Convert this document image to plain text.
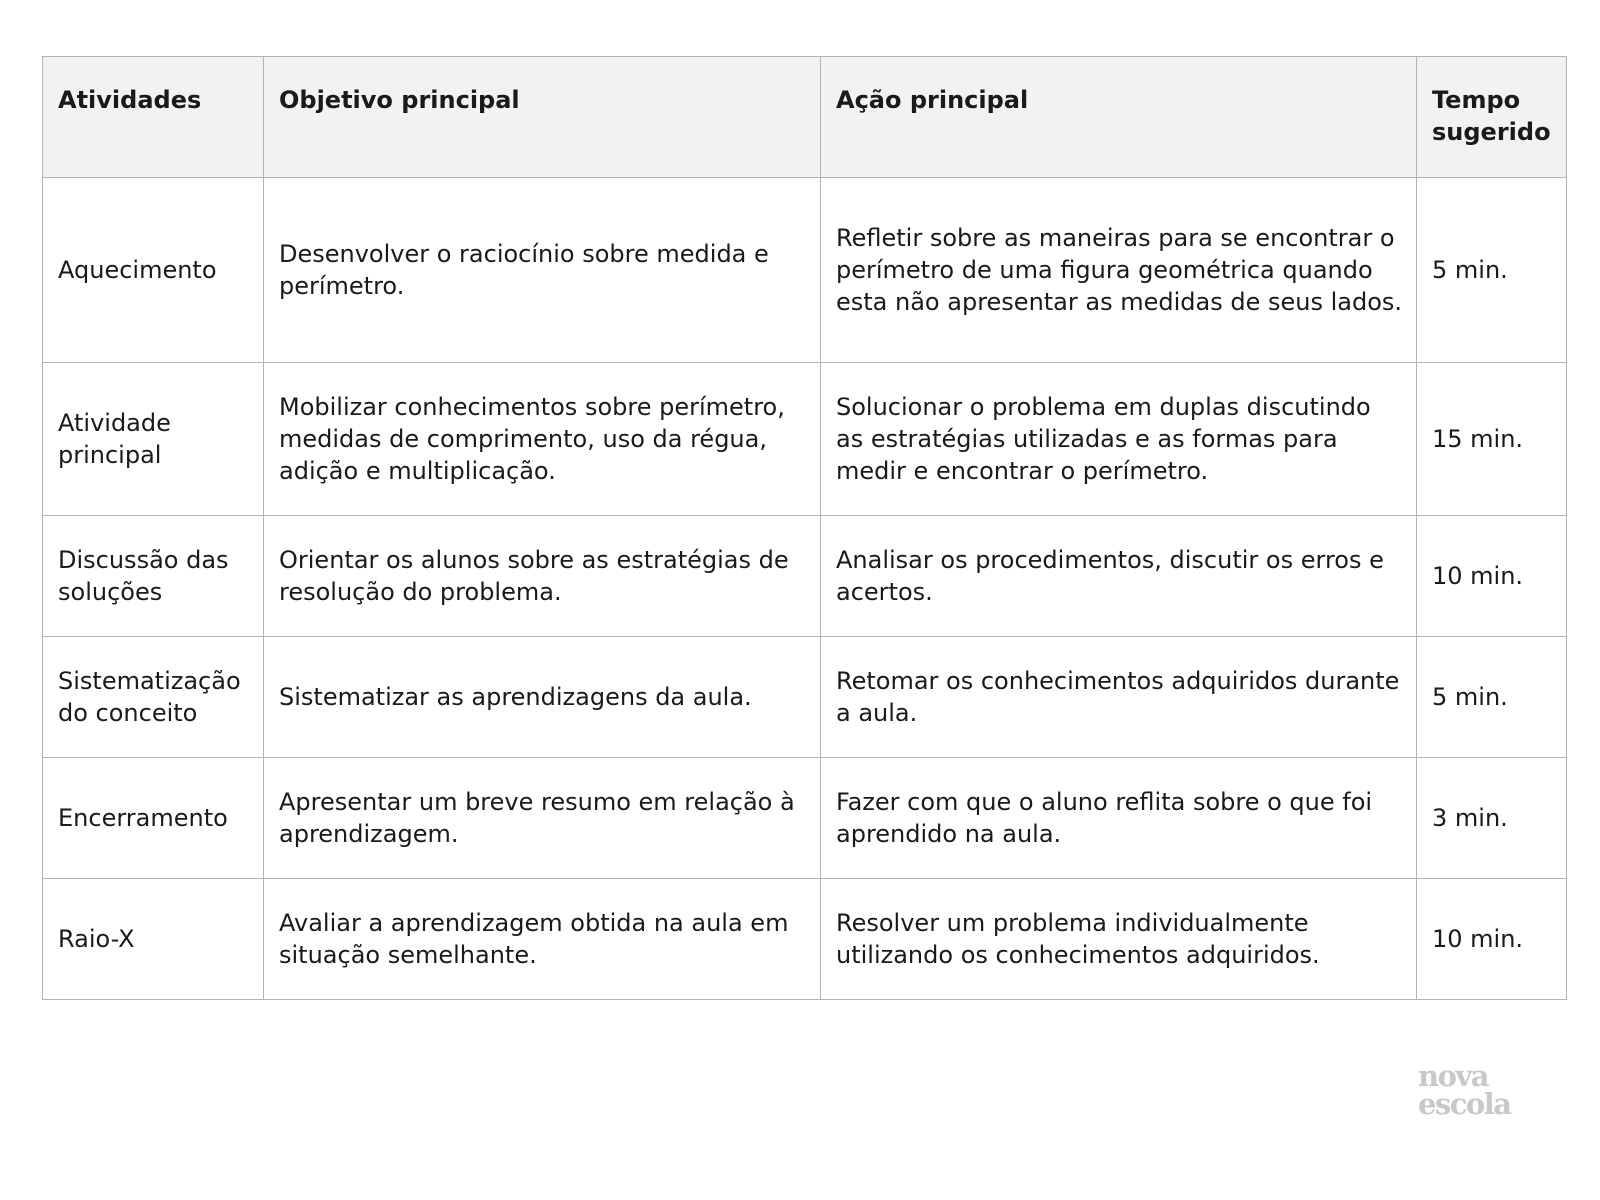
Atividades	Objetivo principal	Ação principal	Tempo sugerido
Aquecimento	Desenvolver o raciocínio sobre medida e perímetro.	Refletir sobre as maneiras para se encontrar o perímetro de uma figura geométrica quando esta não apresentar as medidas de seus lados.	5 min.
Atividade principal	Mobilizar conhecimentos sobre perímetro, medidas de comprimento, uso da régua, adição e multiplicação.	Solucionar o problema em duplas discutindo as estratégias utilizadas e as formas para medir e encontrar o perímetro.	15 min.
Discussão das soluções	Orientar os alunos sobre as estratégias de resolução do problema.	Analisar os procedimentos, discutir os erros e acertos.	10 min.
Sistematização do conceito	Sistematizar as aprendizagens da aula.	Retomar os conhecimentos adquiridos durante a aula.	5 min.
Encerramento	Apresentar um breve resumo em relação à aprendizagem.	Fazer com que o aluno reflita sobre o que foi aprendido na aula.	3 min.
Raio-X	Avaliar a aprendizagem obtida na aula em situação semelhante.	Resolver um problema individualmente utilizando os conhecimentos adquiridos.	10 min.
nova
escola
